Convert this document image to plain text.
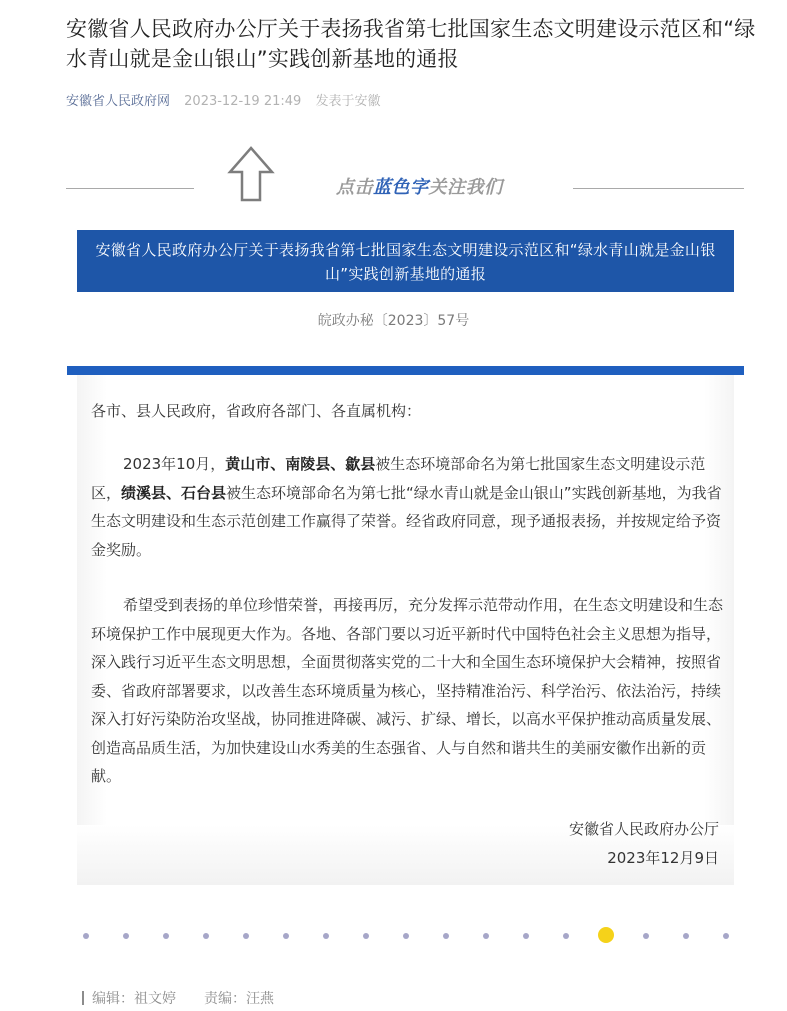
安徽省人民政府办公厅关于表扬我省第七批国家生态文明建设示范区和“绿水青山就是金山银山”实践创新基地的通报
安徽省人民政府网 2023-12-19 21:49 发表于安徽
点击蓝色字关注我们
安徽省人民政府办公厅关于表扬我省第七批国家生态文明建设示范区和“绿水青山就是金山银山”实践创新基地的通报
皖政办秘〔2023〕57号
各市、县人民政府，省政府各部门、各直属机构：
2023年10月，黄山市、南陵县、歙县被生态环境部命名为第七批国家生态文明建设示范区，绩溪县、石台县被生态环境部命名为第七批“绿水青山就是金山银山”实践创新基地，为我省生态文明建设和生态示范创建工作赢得了荣誉。经省政府同意，现予通报表扬，并按规定给予资金奖励。
希望受到表扬的单位珍惜荣誉，再接再厉，充分发挥示范带动作用，在生态文明建设和生态环境保护工作中展现更大作为。各地、各部门要以习近平新时代中国特色社会主义思想为指导，深入践行习近平生态文明思想，全面贯彻落实党的二十大和全国生态环境保护大会精神，按照省委、省政府部署要求，以改善生态环境质量为核心，坚持精准治污、科学治污、依法治污，持续深入打好污染防治攻坚战，协同推进降碳、减污、扩绿、增长，以高水平保护推动高质量发展、创造高品质生活，为加快建设山水秀美的生态强省、人与自然和谐共生的美丽安徽作出新的贡献。
安徽省人民政府办公厅
2023年12月9日
编辑：祖文婷 责编：汪燕
